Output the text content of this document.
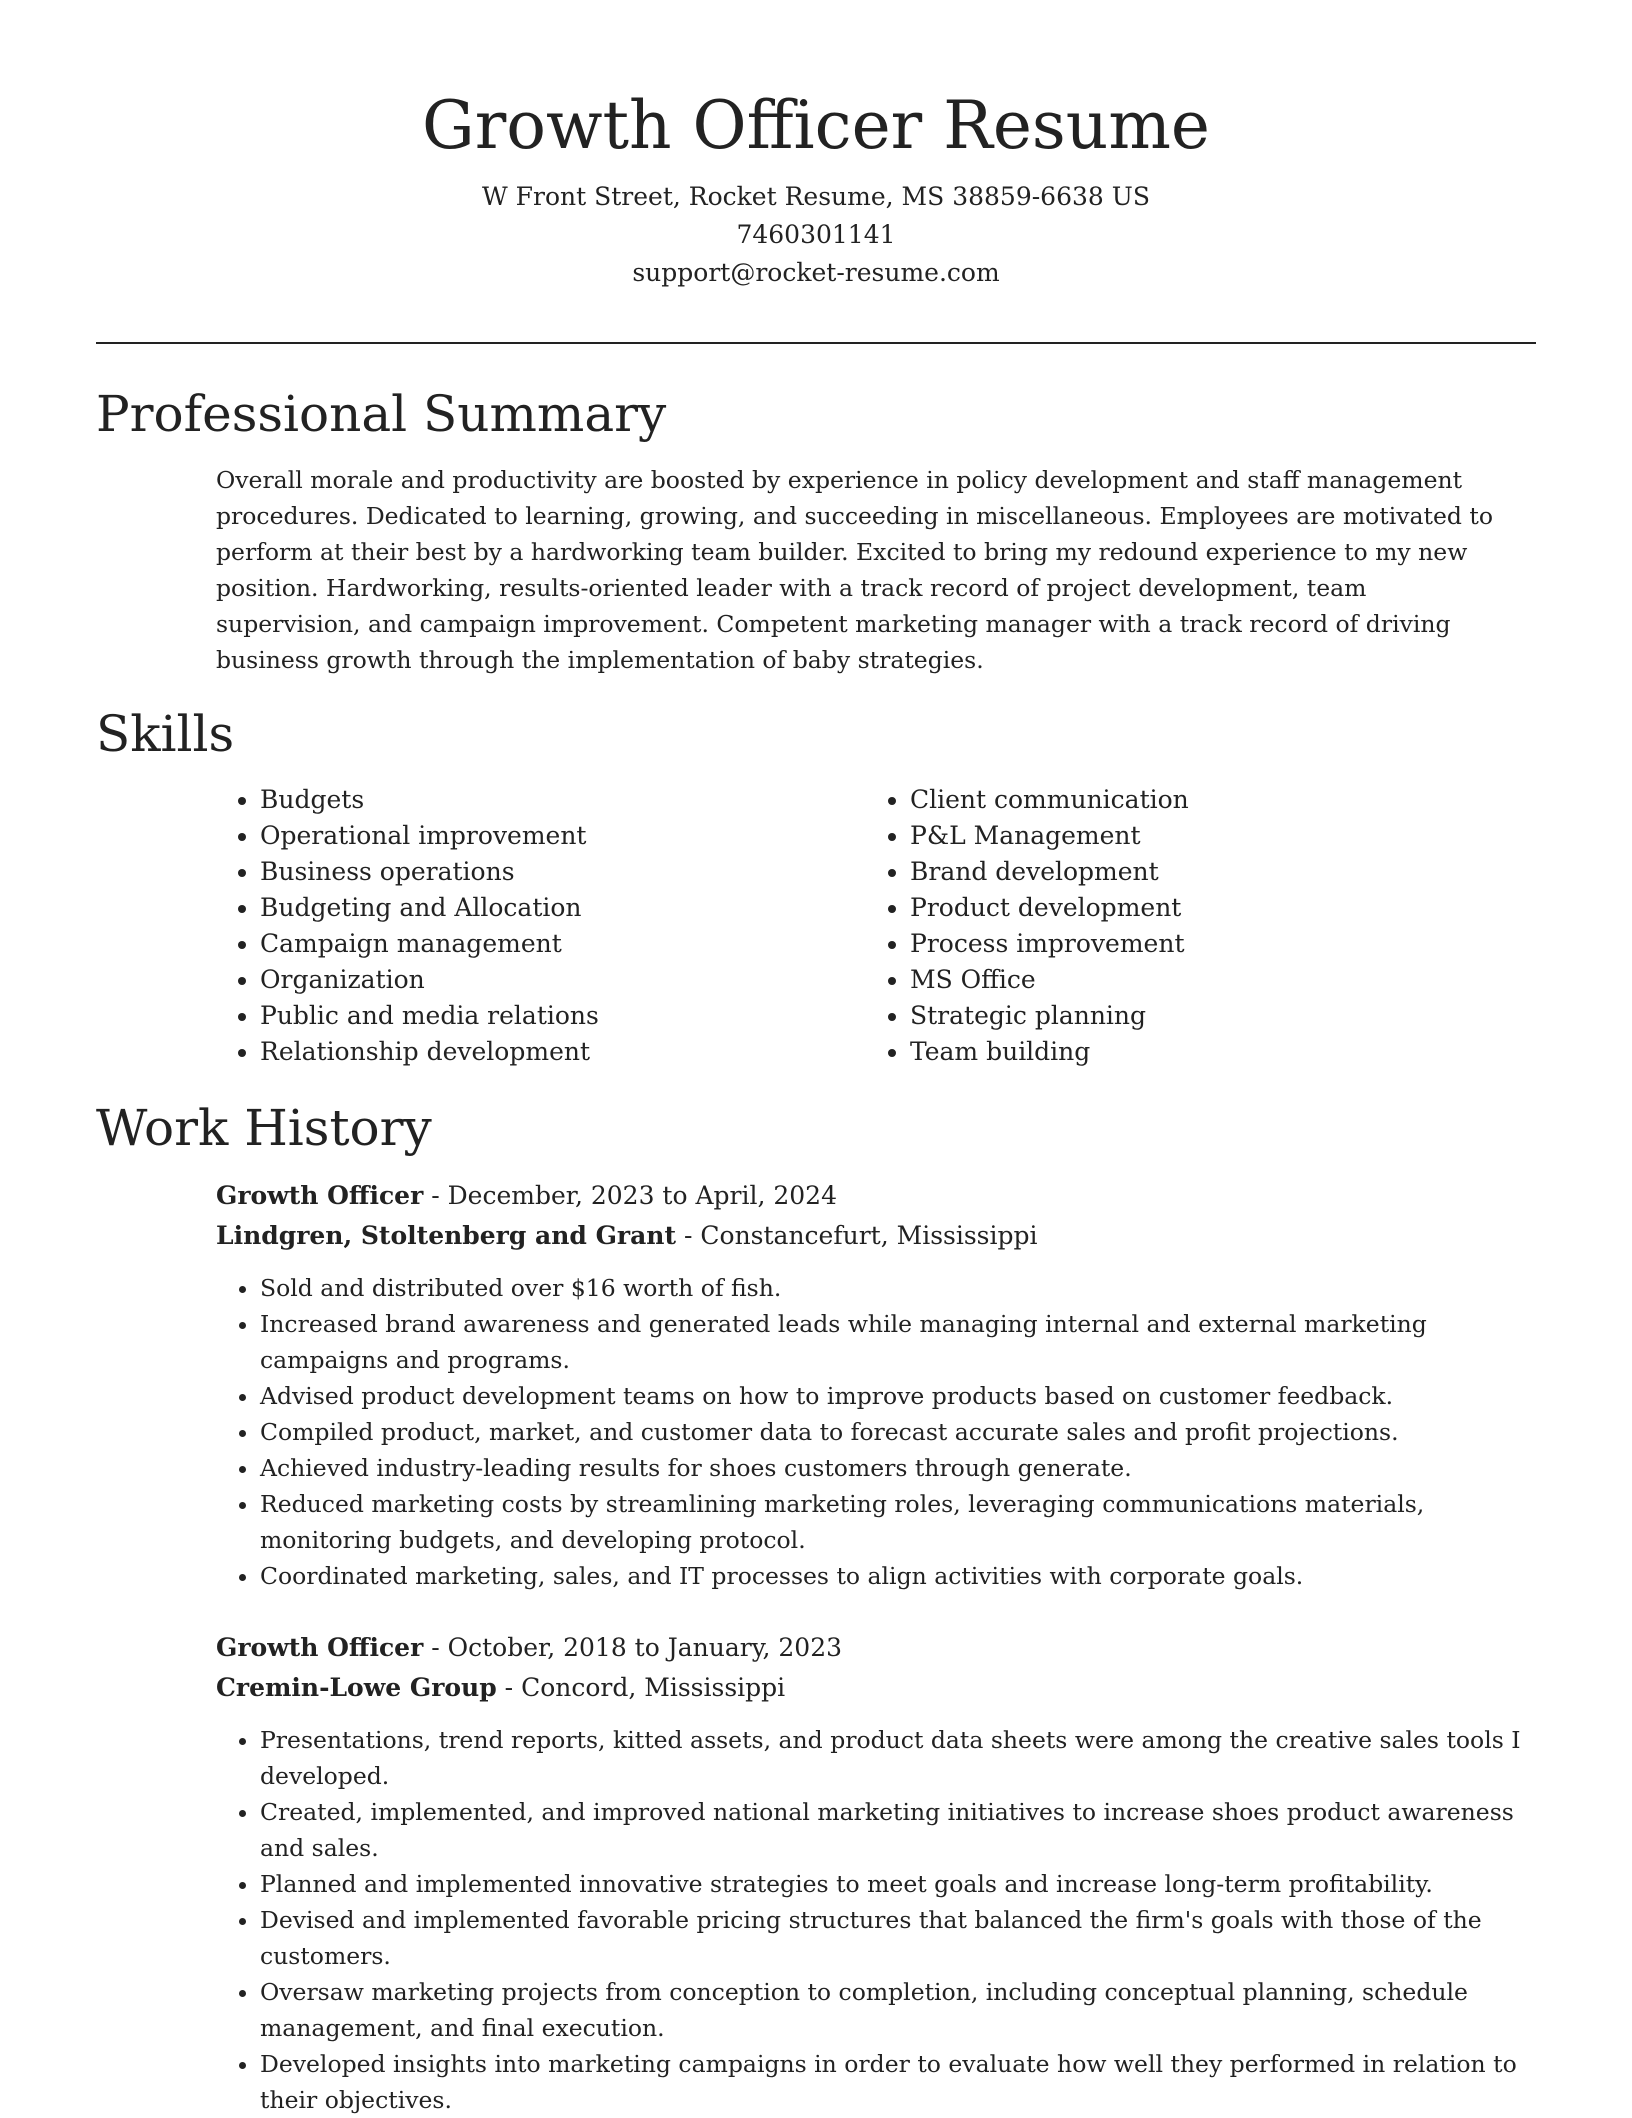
Growth Officer Resume
W Front Street, Rocket Resume, MS 38859-6638 US
7460301141
support@rocket-resume.com
Professional Summary

Overall morale and productivity are boosted by experience in policy development and staff management procedures. Dedicated to learning, growing, and succeeding in miscellaneous. Employees are motivated to perform at their best by a hardworking team builder. Excited to bring my redound experience to my new position. Hardworking, results-oriented leader with a track record of project development, team supervision, and campaign improvement. Competent marketing manager with a track record of driving business growth through the implementation of baby strategies.

Skills
• Budgets
• Operational improvement
• Business operations
• Budgeting and Allocation
• Campaign management
• Organization
• Public and media relations
• Relationship development
• Client communication
• P&L Management
• Brand development
• Product development
• Process improvement
• MS Office
• Strategic planning
• Team building
Work History
Growth Officer - December, 2023 to April, 2024
Lindgren, Stoltenberg and Grant - Constancefurt, Mississippi
• Sold and distributed over $16 worth of fish.
• Increased brand awareness and generated leads while managing internal and external marketing campaigns and programs.
• Advised product development teams on how to improve products based on customer feedback.
• Compiled product, market, and customer data to forecast accurate sales and profit projections.
• Achieved industry-leading results for shoes customers through generate.
• Reduced marketing costs by streamlining marketing roles, leveraging communications materials, monitoring budgets, and developing protocol.
• Coordinated marketing, sales, and IT processes to align activities with corporate goals.
Growth Officer - October, 2018 to January, 2023
Cremin-Lowe Group - Concord, Mississippi
• Presentations, trend reports, kitted assets, and product data sheets were among the creative sales tools I developed.
• Created, implemented, and improved national marketing initiatives to increase shoes product awareness and sales.
• Planned and implemented innovative strategies to meet goals and increase long-term profitability.
• Devised and implemented favorable pricing structures that balanced the firm's goals with those of the customers.
• Oversaw marketing projects from conception to completion, including conceptual planning, schedule management, and final execution.
• Developed insights into marketing campaigns in order to evaluate how well they performed in relation to their objectives.
